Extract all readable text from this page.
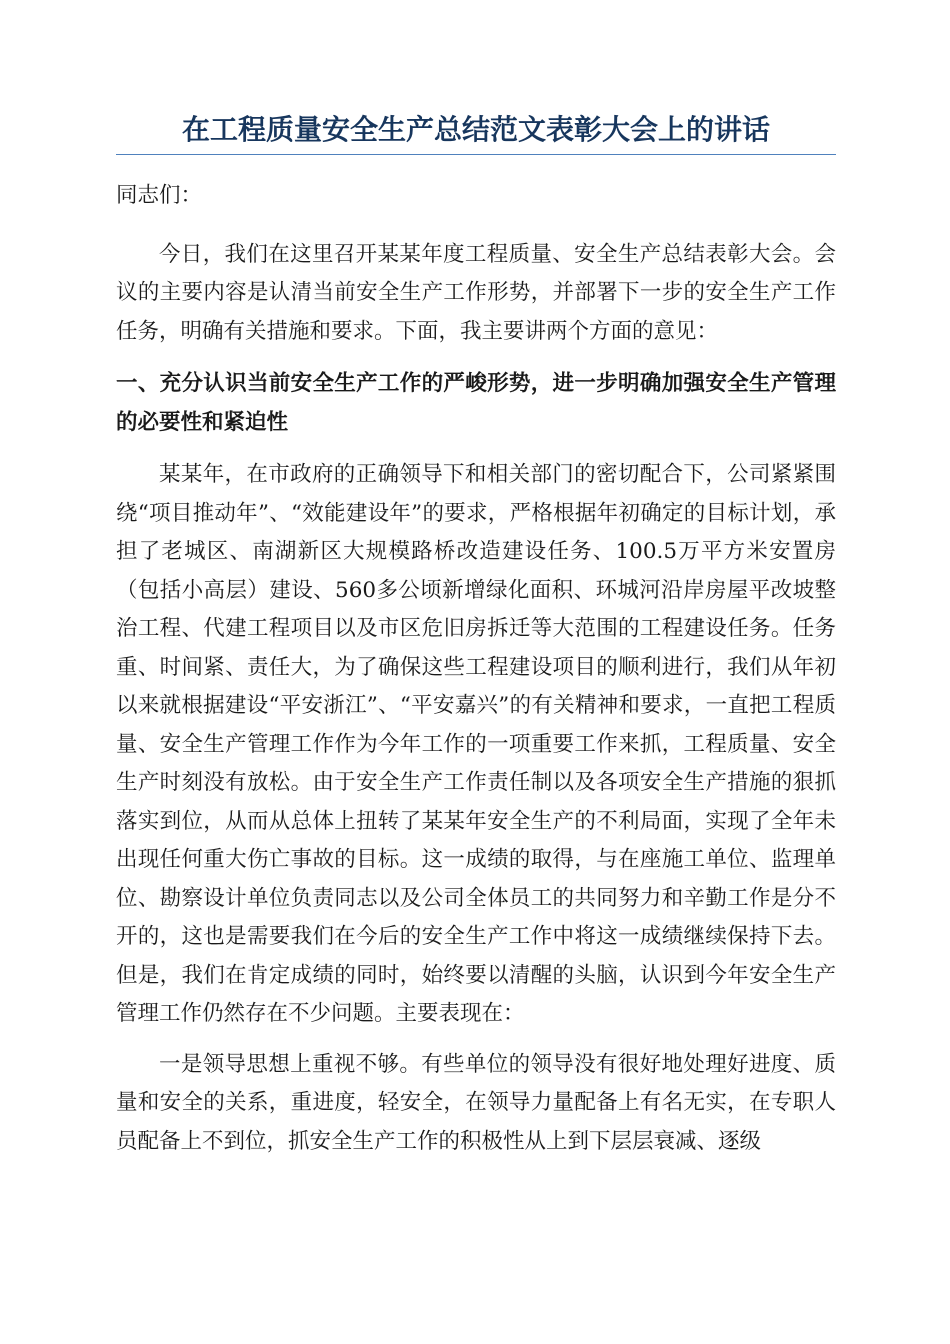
在工程质量安全生产总结范文表彰大会上的讲话

同志们：

今日，我们在这里召开某某年度工程质量、安全生产总结表彰大会。会议的主要内容是认清当前安全生产工作形势，并部署下一步的安全生产工作任务，明确有关措施和要求。下面，我主要讲两个方面的意见：

一、充分认识当前安全生产工作的严峻形势，进一步明确加强安全生产管理的必要性和紧迫性

某某年，在市政府的正确领导下和相关部门的密切配合下，公司紧紧围绕“项目推动年”、“效能建设年”的要求，严格根据年初确定的目标计划，承担了老城区、南湖新区大规模路桥改造建设任务、100.5万平方米安置房（包括小高层）建设、560多公顷新增绿化面积、环城河沿岸房屋平改坡整治工程、代建工程项目以及市区危旧房拆迁等大范围的工程建设任务。任务重、时间紧、责任大，为了确保这些工程建设项目的顺利进行，我们从年初以来就根据建设“平安浙江”、“平安嘉兴”的有关精神和要求，一直把工程质量、安全生产管理工作作为今年工作的一项重要工作来抓，工程质量、安全生产时刻没有放松。由于安全生产工作责任制以及各项安全生产措施的狠抓落实到位，从而从总体上扭转了某某年安全生产的不利局面，实现了全年未出现任何重大伤亡事故的目标。这一成绩的取得，与在座施工单位、监理单位、勘察设计单位负责同志以及公司全体员工的共同努力和辛勤工作是分不开的，这也是需要我们在今后的安全生产工作中将这一成绩继续保持下去。但是，我们在肯定成绩的同时，始终要以清醒的头脑，认识到今年安全生产管理工作仍然存在不少问题。主要表现在：

一是领导思想上重视不够。有些单位的领导没有很好地处理好进度、质量和安全的关系，重进度，轻安全，在领导力量配备上有名无实，在专职人员配备上不到位，抓安全生产工作的积极性从上到下层层衰减、逐级
